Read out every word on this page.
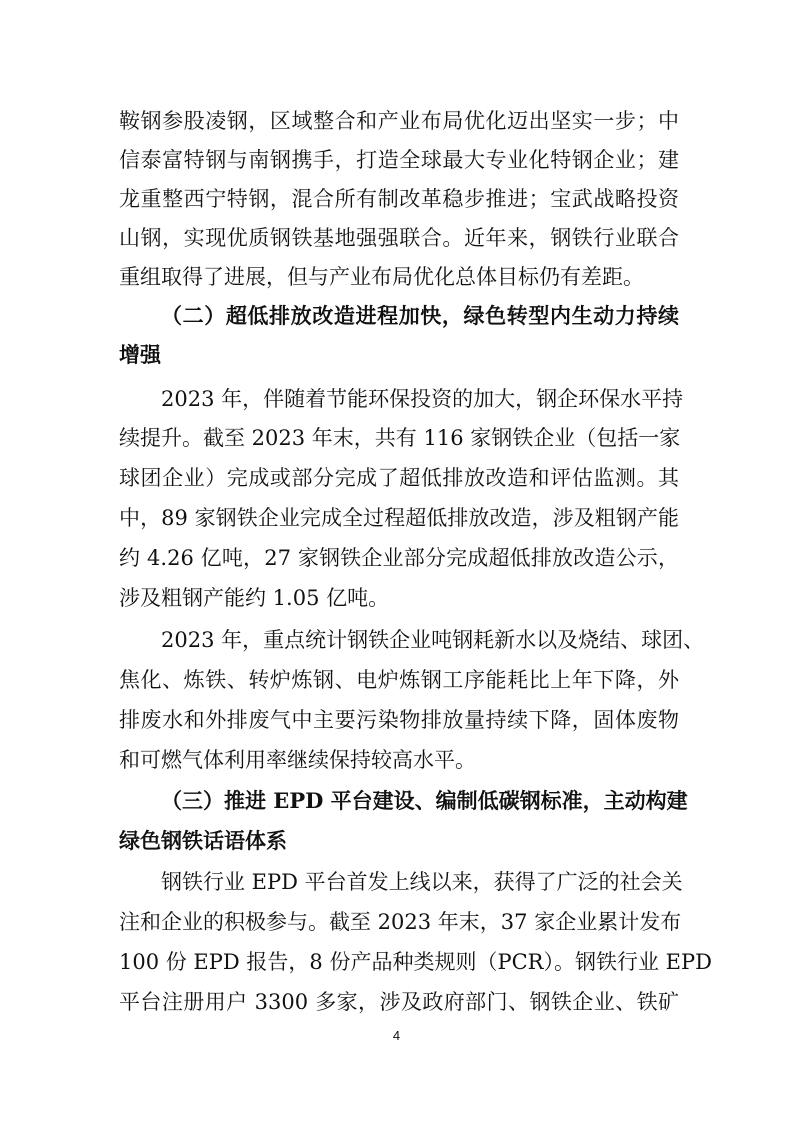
鞍钢参股凌钢，区域整合和产业布局优化迈出坚实一步；中
信泰富特钢与南钢携手，打造全球最大专业化特钢企业；建
龙重整西宁特钢，混合所有制改革稳步推进；宝武战略投资
山钢，实现优质钢铁基地强强联合。近年来，钢铁行业联合
重组取得了进展，但与产业布局优化总体目标仍有差距。
（二）超低排放改造进程加快，绿色转型内生动力持续
增强
2023 年，伴随着节能环保投资的加大，钢企环保水平持
续提升。截至 2023 年末，共有 116 家钢铁企业（包括一家
球团企业）完成或部分完成了超低排放改造和评估监测。其
中，89 家钢铁企业完成全过程超低排放改造，涉及粗钢产能
约 4.26 亿吨，27 家钢铁企业部分完成超低排放改造公示，
涉及粗钢产能约 1.05 亿吨。
2023 年，重点统计钢铁企业吨钢耗新水以及烧结、球团、
焦化、炼铁、转炉炼钢、电炉炼钢工序能耗比上年下降，外
排废水和外排废气中主要污染物排放量持续下降，固体废物
和可燃气体利用率继续保持较高水平。
（三）推进 EPD 平台建设、编制低碳钢标准，主动构建
绿色钢铁话语体系
钢铁行业 EPD 平台首发上线以来，获得了广泛的社会关
注和企业的积极参与。截至 2023 年末，37 家企业累计发布
100 份 EPD 报告，8 份产品种类规则（PCR）。钢铁行业 EPD
平台注册用户 3300 多家，涉及政府部门、钢铁企业、铁矿
4
